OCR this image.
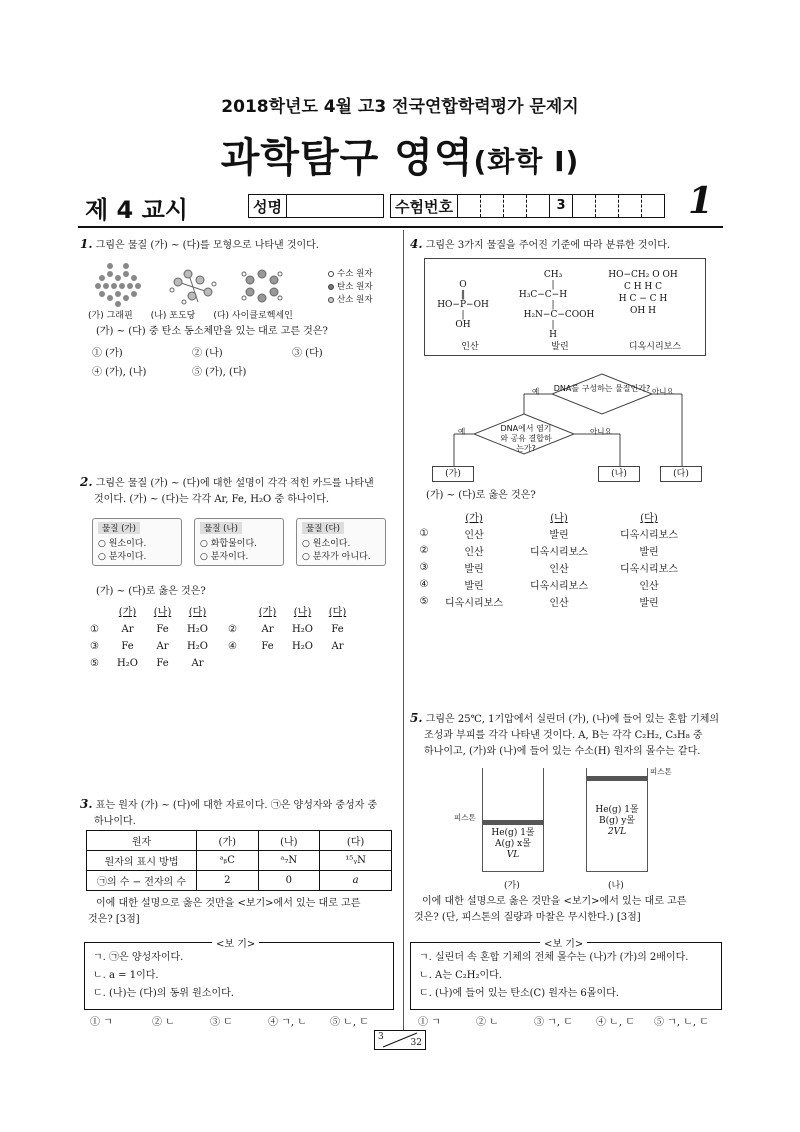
2018학년도 4월 고3 전국연합학력평가 문제지
과학탐구 영역(화학 Ⅰ)
제 4 교시	성명	수험번호	3	1
1. 그림은 물질 (가) ~ (다)를 모형으로 나타낸 것이다.
수소 원자
탄소 원자
산소 원자
(가) 그래핀 (나) 포도당 (다) 사이클로헥세인
(가) ~ (다) 중 탄소 동소체만을 있는 대로 고른 것은?
① (가)	② (나)	③ (다)
④ (가), (나)	⑤ (가), (다)
2. 그림은 물질 (가) ~ (다)에 대한 설명이 각각 적힌 카드를 나타낸
것이다. (가) ~ (다)는 각각 Ar, Fe, H₂O 중 하나이다.
물질 (가)
○ 원소이다.
○ 분자이다.
물질 (나)
○ 화합물이다.
○ 분자이다.
물질 (다)
○ 원소이다.
○ 분자가 아니다.
(가) ~ (다)로 옳은 것은?
(가)	(나)	(다)	(가)	(나)	(다)
①	Ar	Fe	H₂O	②	Ar	H₂O	Fe
③	Fe	Ar	H₂O	④	Fe	H₂O	Ar
⑤	H₂O	Fe	Ar
3. 표는 원자 (가) ~ (다)에 대한 자료이다. ㉠은 양성자와 중성자 중
하나이다.
원자	(가)	(나)	(다)
원자의 표시 방법	ᵃᵦC	ᵃ₇N	¹⁵ᵧN
㉠의 수 − 전자의 수	2	0	a
이에 대한 설명으로 옳은 것만을 <보기>에서 있는 대로 고른
것은? [3점]
ㄱ. ㉠은 양성자이다.
ㄴ. a = 1이다.
ㄷ. (나)는 (다)의 동위 원소이다.
<보 기>
① ㄱ	② ㄴ	③ ㄷ	④ ㄱ, ㄴ	⑤ ㄴ, ㄷ
4. 그림은 3가지 물질을 주어진 기준에 따라 분류한 것이다.
O
‖
HO−P−OH
|
OH
CH₃
|
H₃C−C−H
|
H₂N−C−COOH
|
H
HO−CH₂ O OH
C H H C
H C − C H
OH H
인산	발린	디옥시리보스
DNA를 구성하는 물질인가?
DNA에서 염기와 공유 결합하는가?
예	아니요
예	아니요
(가)	(나)	(다)
(가) ~ (다)로 옳은 것은?
	(가)	(나)	(다)
①	인산	발린	디옥시리보스
②	인산	디옥시리보스	발린
③	발린	인산	디옥시리보스
④	발린	디옥시리보스	인산
⑤	디옥시리보스	인산	발린
5. 그림은 25℃, 1기압에서 실린더 (가), (나)에 들어 있는 혼합 기체의
조성과 부피를 각각 나타낸 것이다. A, B는 각각 C₂H₂, C₃H₈ 중
하나이고, (가)와 (나)에 들어 있는 수소(H) 원자의 몰수는 같다.
He(g) 1몰
A(g) x몰
VL
He(g) 1몰
B(g) y몰
2VL
피스톤
피스톤
(가)	(나)
이에 대한 설명으로 옳은 것만을 <보기>에서 있는 대로 고른
것은? (단, 피스톤의 질량과 마찰은 무시한다.) [3점]
ㄱ. 실린더 속 혼합 기체의 전체 몰수는 (나)가 (가)의 2배이다.
ㄴ. A는 C₂H₂이다.
ㄷ. (나)에 들어 있는 탄소(C) 원자는 6몰이다.
<보 기>
① ㄱ	② ㄴ	③ ㄱ, ㄷ	④ ㄴ, ㄷ	⑤ ㄱ, ㄴ, ㄷ
3
32
